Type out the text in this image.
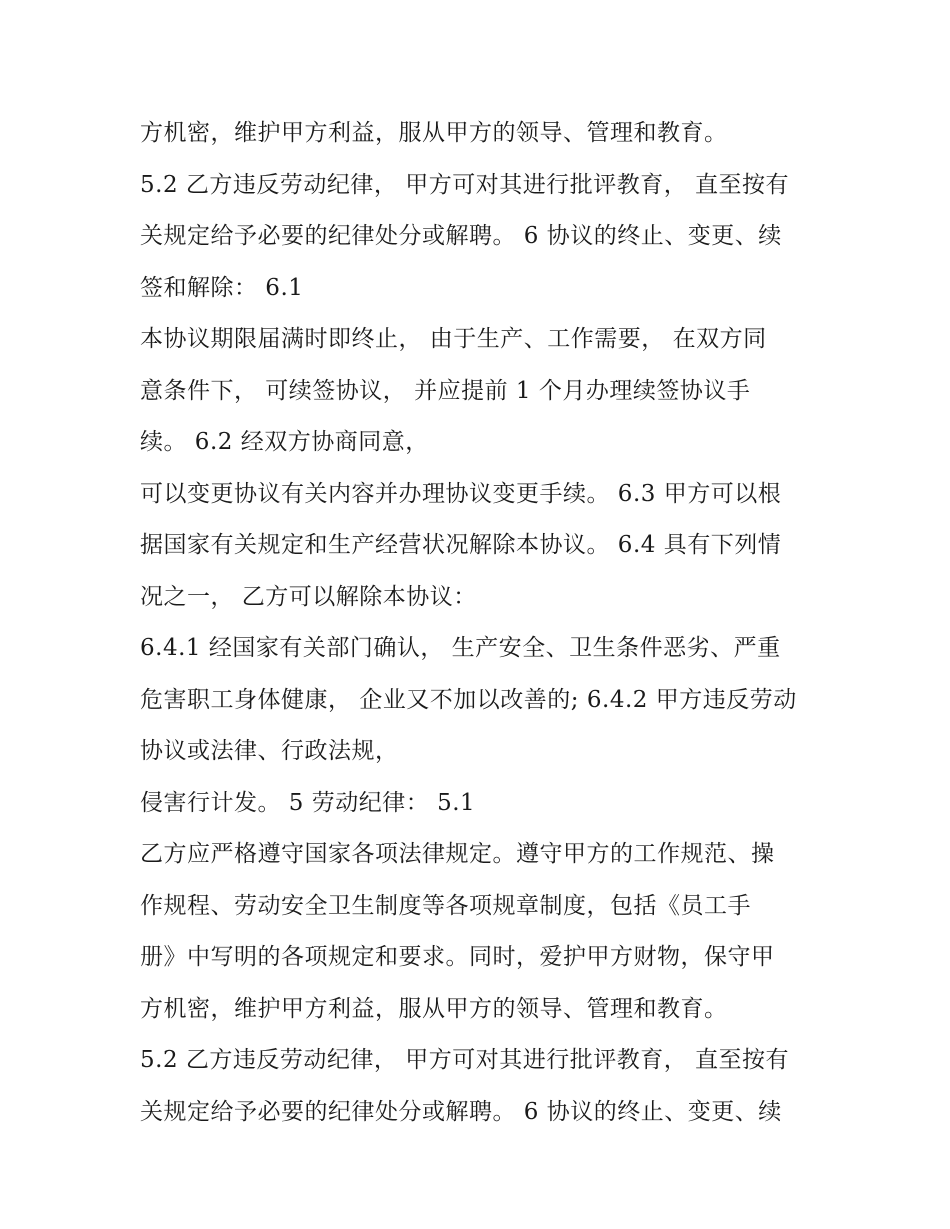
方机密，维护甲方利益，服从甲方的领导、管理和教育。
5.2 乙方违反劳动纪律， 甲方可对其进行批评教育， 直至按有
关规定给予必要的纪律处分或解聘。 6 协议的终止、变更、续
签和解除： 6.1
本协议期限届满时即终止， 由于生产、工作需要， 在双方同
意条件下， 可续签协议， 并应提前 1 个月办理续签协议手
续。 6.2 经双方协商同意，
可以变更协议有关内容并办理协议变更手续。 6.3 甲方可以根
据国家有关规定和生产经营状况解除本协议。 6.4 具有下列情
况之一， 乙方可以解除本协议：
6.4.1 经国家有关部门确认， 生产安全、卫生条件恶劣、严重
危害职工身体健康， 企业又不加以改善的; 6.4.2 甲方违反劳动
协议或法律、行政法规，
侵害行计发。 5 劳动纪律： 5.1
乙方应严格遵守国家各项法律规定。遵守甲方的工作规范、操
作规程、劳动安全卫生制度等各项规章制度，包括《员工手
册》中写明的各项规定和要求。同时，爱护甲方财物，保守甲
方机密，维护甲方利益，服从甲方的领导、管理和教育。
5.2 乙方违反劳动纪律， 甲方可对其进行批评教育， 直至按有
关规定给予必要的纪律处分或解聘。 6 协议的终止、变更、续
